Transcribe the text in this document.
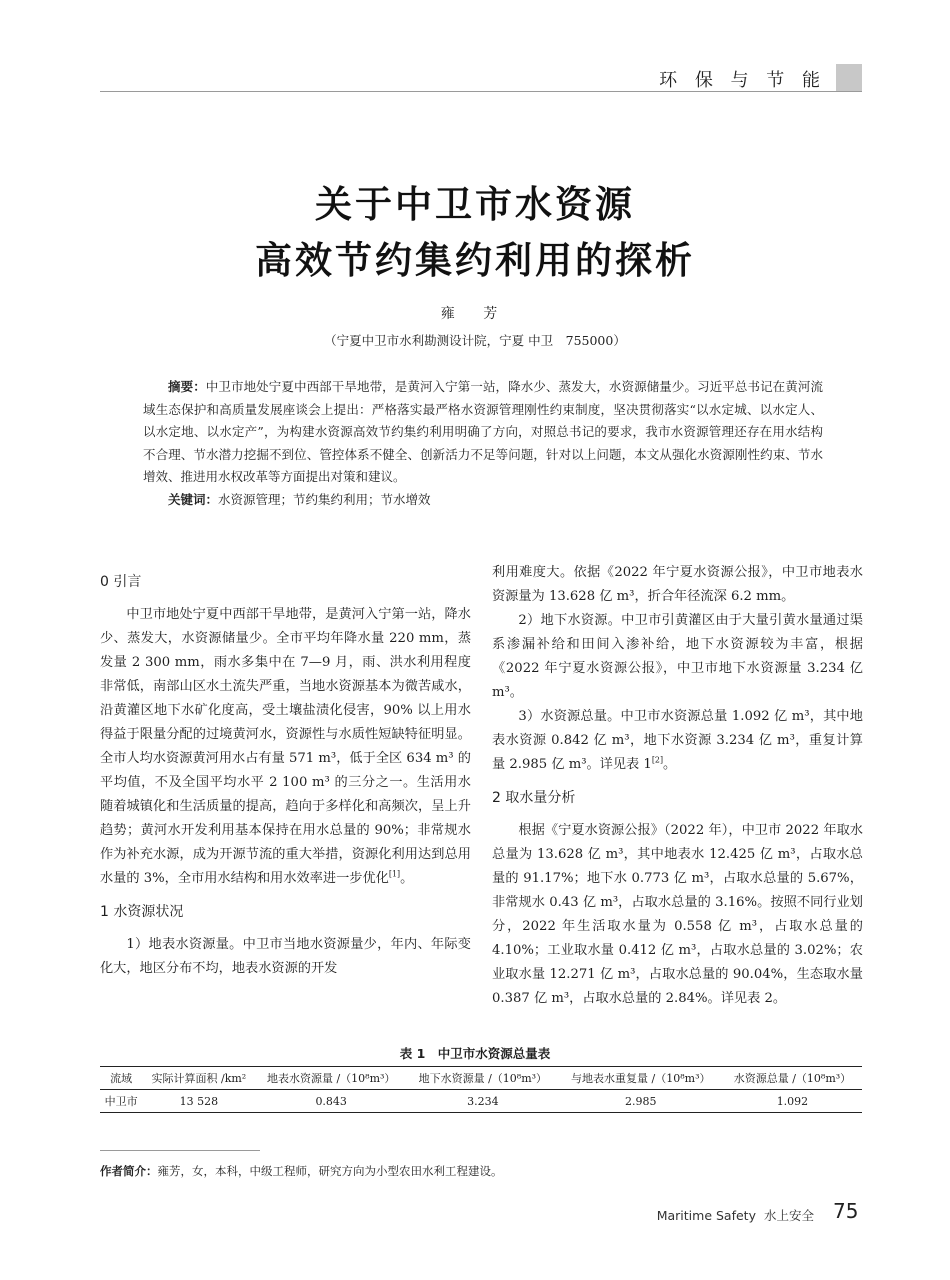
环 保 与 节 能
关于中卫市水资源
高效节约集约利用的探析
雍 芳
（宁夏中卫市水利勘测设计院，宁夏 中卫　755000）

摘要：中卫市地处宁夏中西部干旱地带，是黄河入宁第一站，降水少、蒸发大，水资源储量少。习近平总书记在黄河流域生态保护和高质量发展座谈会上提出：严格落实最严格水资源管理刚性约束制度，坚决贯彻落实“以水定城、以水定人、以水定地、以水定产”，为构建水资源高效节约集约利用明确了方向，对照总书记的要求，我市水资源管理还存在用水结构不合理、节水潜力挖掘不到位、管控体系不健全、创新活力不足等问题，针对以上问题，本文从强化水资源刚性约束、节水增效、推进用水权改革等方面提出对策和建议。

关键词：水资源管理；节约集约利用；节水增效

0 引言

中卫市地处宁夏中西部干旱地带，是黄河入宁第一站，降水少、蒸发大，水资源储量少。全市平均年降水量 220 mm，蒸发量 2 300 mm，雨水多集中在 7—9 月，雨、洪水利用程度非常低，南部山区水土流失严重，当地水资源基本为微苦咸水，沿黄灌区地下水矿化度高，受土壤盐渍化侵害，90% 以上用水得益于限量分配的过境黄河水，资源性与水质性短缺特征明显。全市人均水资源黄河用水占有量 571 m³，低于全区 634 m³ 的平均值，不及全国平均水平 2 100 m³ 的三分之一。生活用水随着城镇化和生活质量的提高，趋向于多样化和高频次，呈上升趋势；黄河水开发利用基本保持在用水总量的 90%；非常规水作为补充水源，成为开源节流的重大举措，资源化利用达到总用水量的 3%，全市用水结构和用水效率进一步优化[1]。

1 水资源状况

1）地表水资源量。中卫市当地水资源量少，年内、年际变化大，地区分布不均，地表水资源的开发

利用难度大。依据《2022 年宁夏水资源公报》，中卫市地表水资源量为 13.628 亿 m³，折合年径流深 6.2 mm。

2）地下水资源。中卫市引黄灌区由于大量引黄水量通过渠系渗漏补给和田间入渗补给，地下水资源较为丰富，根据《2022 年宁夏水资源公报》，中卫市地下水资源量 3.234 亿 m³。

3）水资源总量。中卫市水资源总量 1.092 亿 m³，其中地表水资源 0.842 亿 m³，地下水资源 3.234 亿 m³，重复计算量 2.985 亿 m³。详见表 1[2]。

2 取水量分析

根据《宁夏水资源公报》（2022 年），中卫市 2022 年取水总量为 13.628 亿 m³，其中地表水 12.425 亿 m³，占取水总量的 91.17%；地下水 0.773 亿 m³，占取水总量的 5.67%，非常规水 0.43 亿 m³，占取水总量的 3.16%。按照不同行业划分，2022 年生活取水量为 0.558 亿 m³，占取水总量的 4.10%；工业取水量 0.412 亿 m³，占取水总量的 3.02%；农业取水量 12.271 亿 m³，占取水总量的 90.04%，生态取水量 0.387 亿 m³，占取水总量的 2.84%。详见表 2。

表 1　中卫市水资源总量表
流域	实际计算面积 /km²	地表水资源量 /（10⁸m³）	地下水资源量 /（10⁸m³）	与地表水重复量 /（10⁸m³）	水资源总量 /（10⁸m³）
中卫市	13 528	0.843	3.234	2.985	1.092
作者简介：雍芳，女，本科，中级工程师，研究方向为小型农田水利工程建设。
Maritime Safety 水上安全 75
